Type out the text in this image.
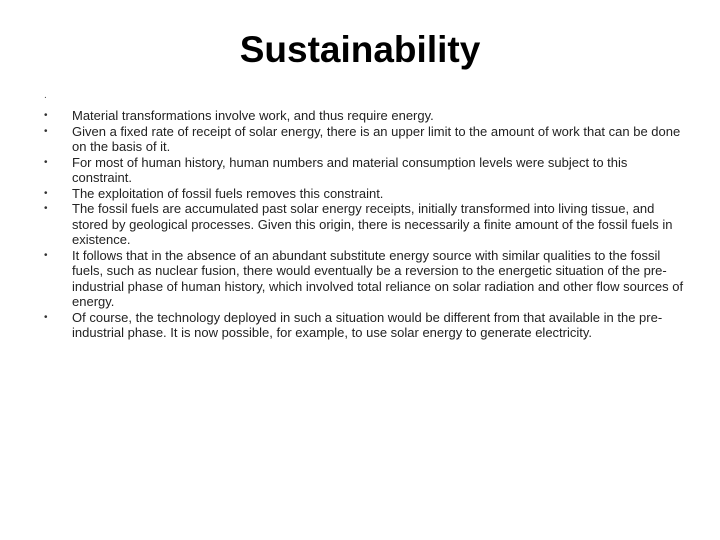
Sustainability
.
•	Material transformations involve work, and thus require energy.
•	Given a fixed rate of receipt of solar energy, there is an upper limit to the amount of work that can be done on the basis of it.
•	For most of human history, human numbers and material consumption levels were subject to this constraint.
•	The exploitation of fossil fuels removes this constraint.
•	The fossil fuels are accumulated past solar energy receipts, initially transformed into living tissue, and stored by geological processes. Given this origin, there is necessarily a finite amount of the fossil fuels in existence.
•	It follows that in the absence of an abundant substitute energy source with similar qualities to the fossil fuels, such as nuclear fusion, there would eventually be a reversion to the energetic situation of the pre-industrial phase of human history, which involved total reliance on solar radiation and other flow sources of energy.
•	Of course, the technology deployed in such a situation would be different from that available in the pre-industrial phase. It is now possible, for example, to use solar energy to generate electricity.
